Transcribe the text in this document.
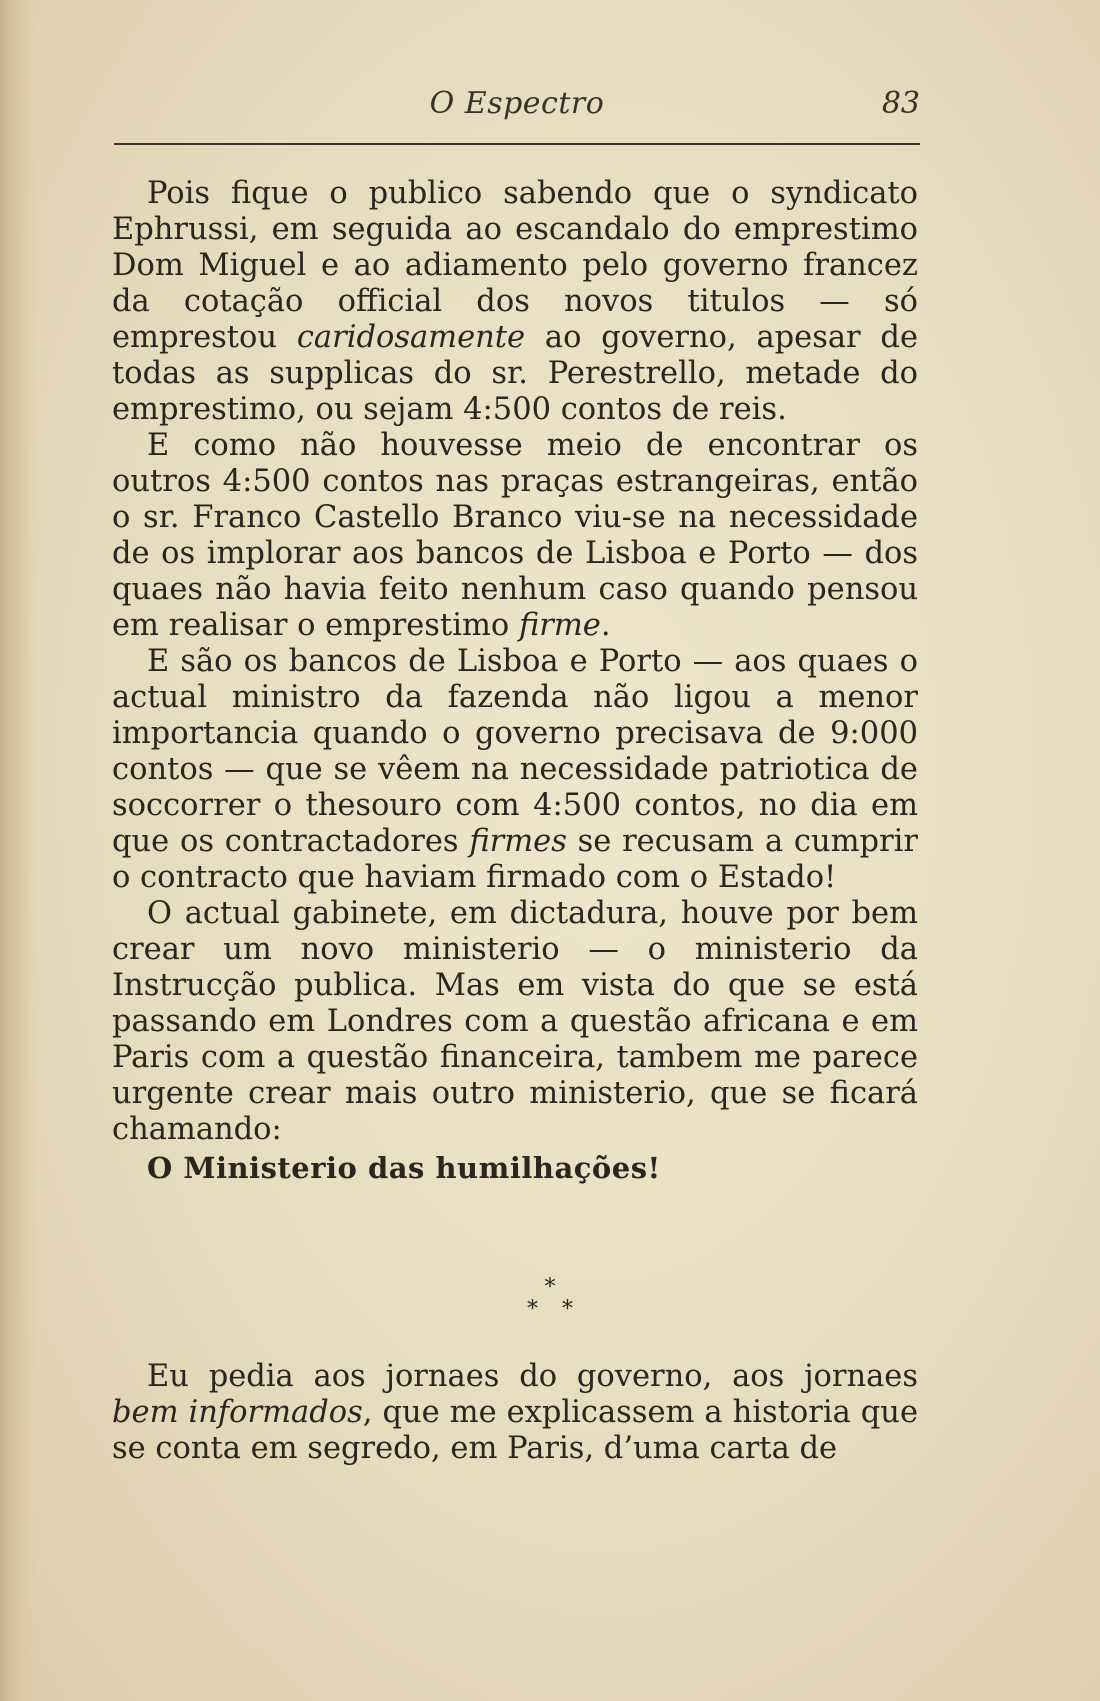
O Espectro	83

Pois fique o publico sabendo que o syndicato Ephrussi, em seguida ao escandalo do emprestimo Dom Miguel e ao adiamento pelo governo francez da cotação official dos novos titulos — só emprestou caridosamente ao governo, apesar de todas as supplicas do sr. Perestrello, metade do emprestimo, ou sejam 4:500 contos de reis.

E como não houvesse meio de encontrar os outros 4:500 contos nas praças estrangeiras, então o sr. Franco Castello Branco viu-se na necessidade de os implorar aos bancos de Lisboa e Porto — dos quaes não havia feito nenhum caso quando pensou em realisar o emprestimo firme.

E são os bancos de Lisboa e Porto — aos quaes o actual ministro da fazenda não ligou a menor importancia quando o governo precisava de 9:000 contos — que se vêem na necessidade patriotica de soccorrer o thesouro com 4:500 contos, no dia em que os contractadores firmes se recusam a cumprir o contracto que haviam firmado com o Estado!

O actual gabinete, em dictadura, houve por bem crear um novo ministerio — o ministerio da Instrucção publica. Mas em vista do que se está passando em Londres com a questão africana e em Paris com a questão financeira, tambem me parece urgente crear mais outro ministerio, que se ficará chamando:

O Ministerio das humilhações!
*
* *

Eu pedia aos jornaes do governo, aos jornaes bem informados, que me explicassem a historia que se conta em segredo, em Paris, d’uma carta de
